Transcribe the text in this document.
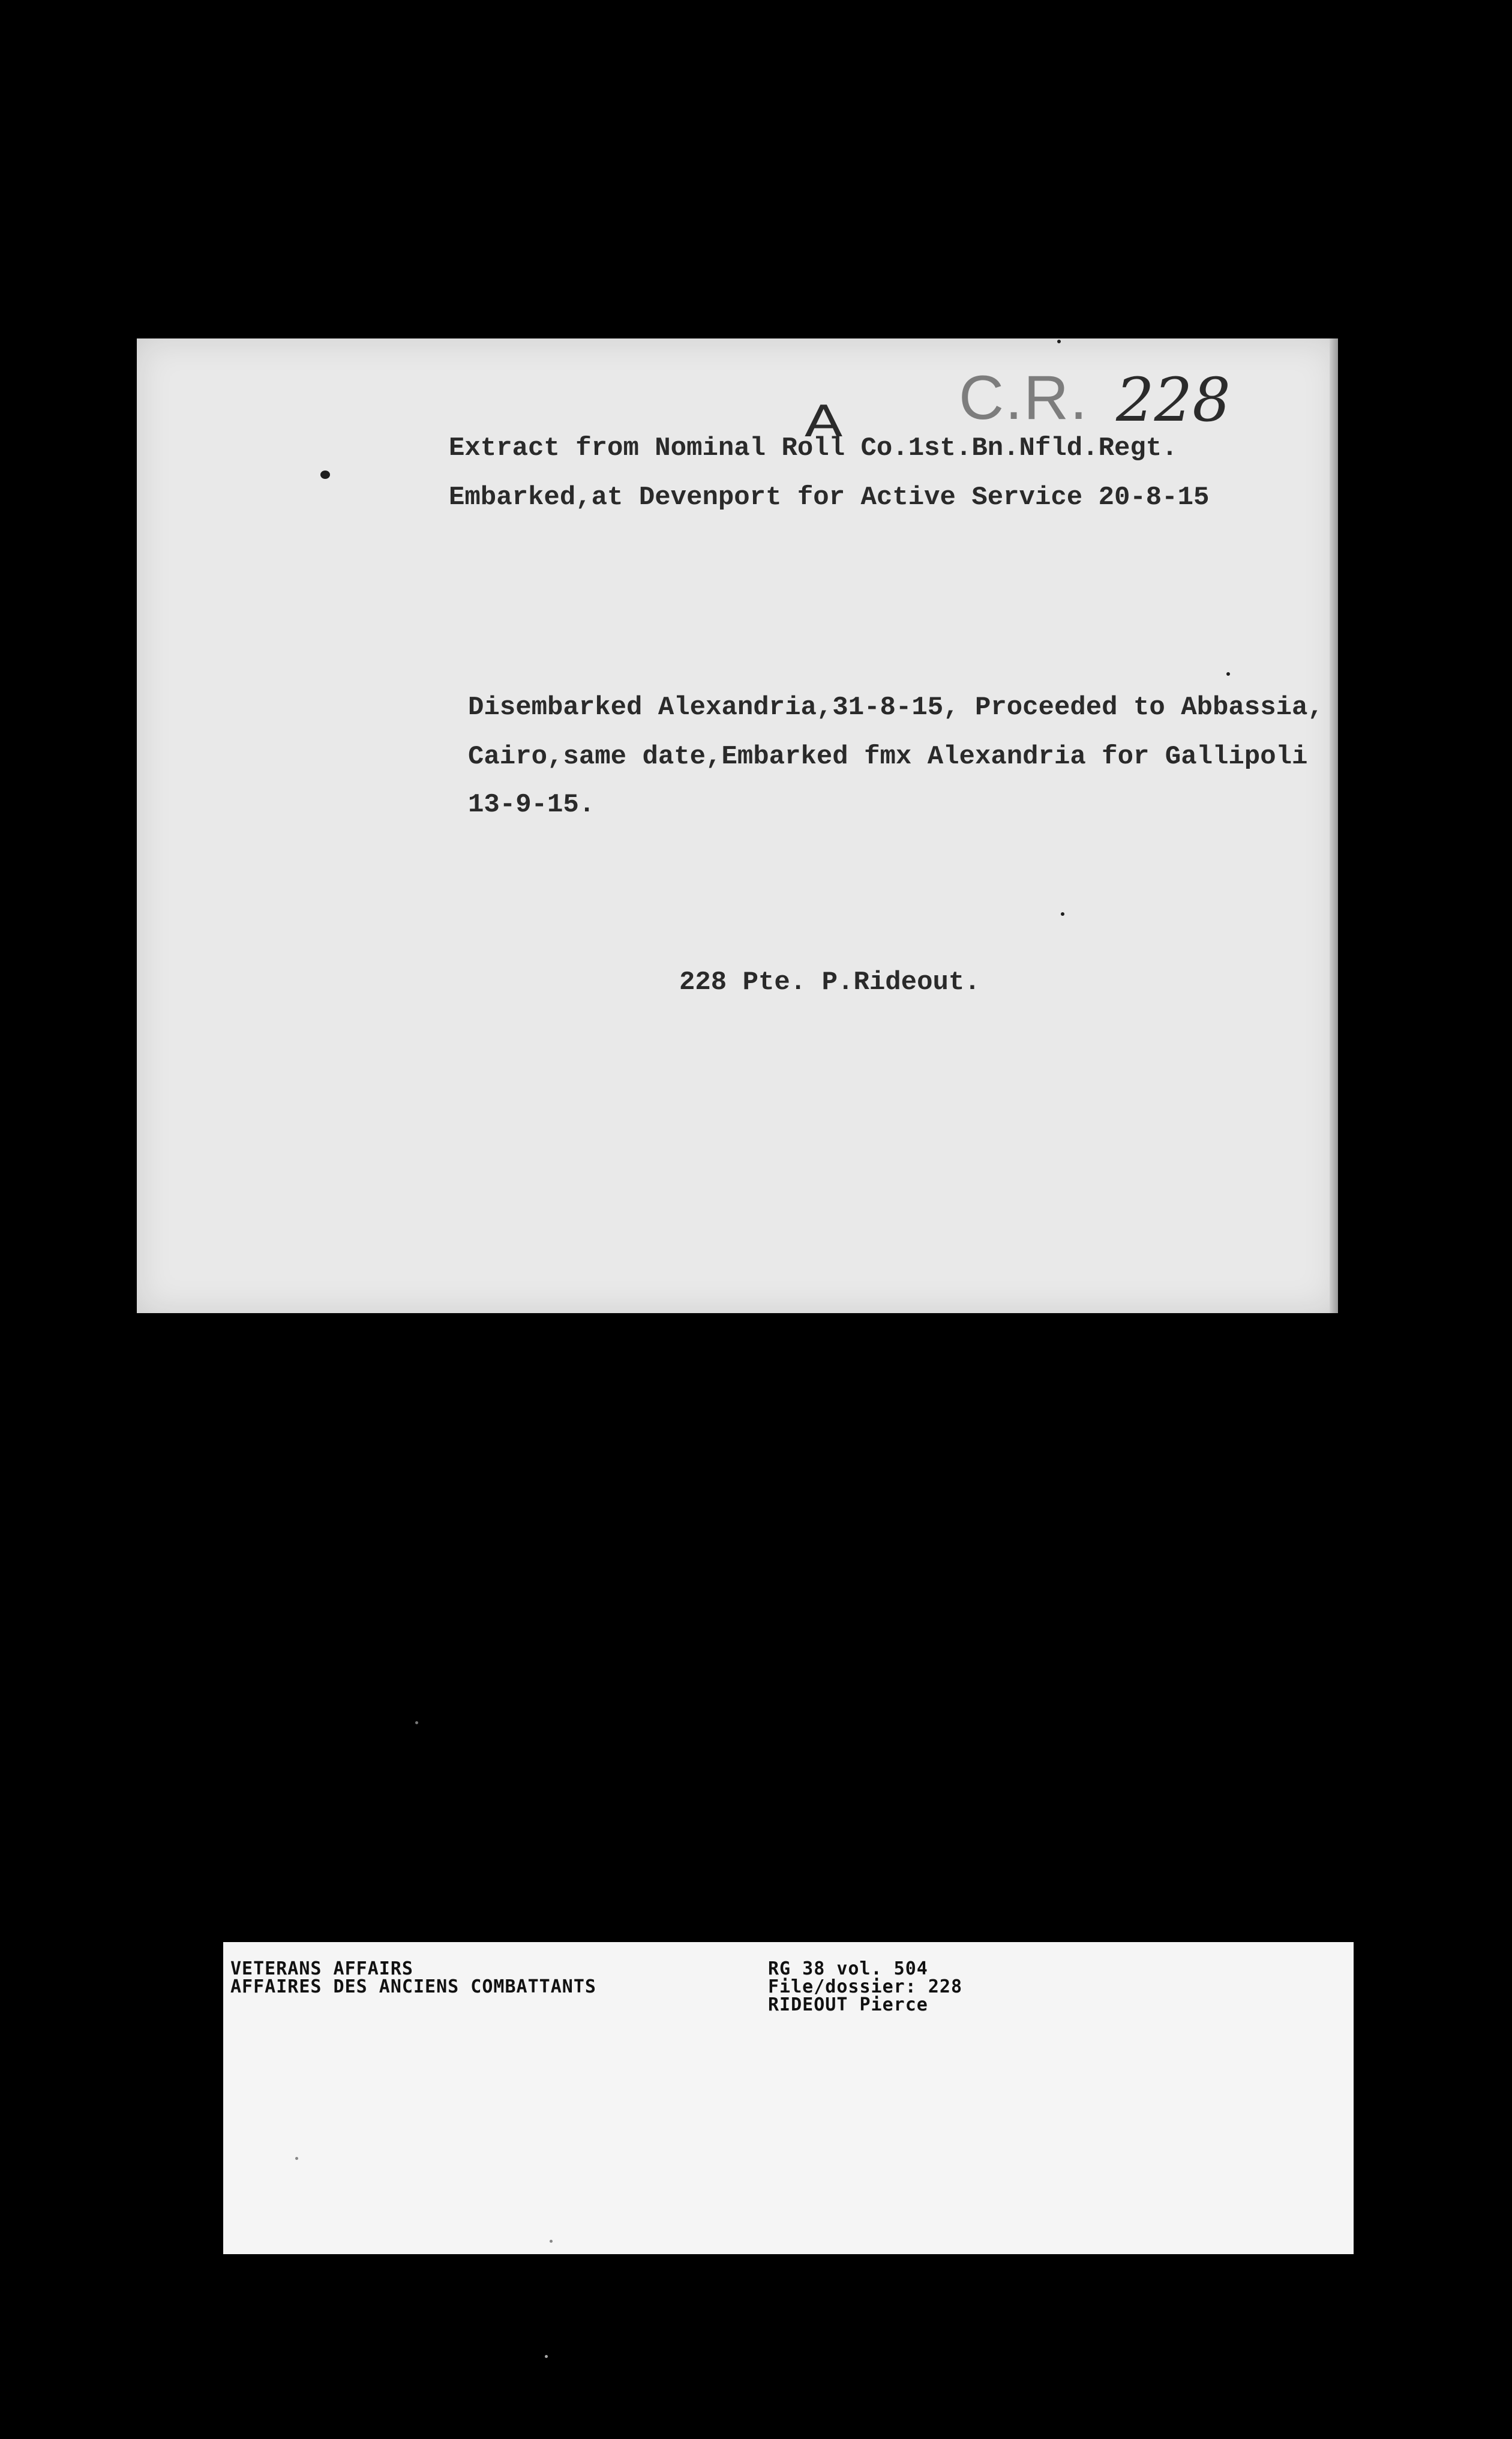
C.R. 228
A
Extract from Nominal Roll Co.1st.Bn.Nfld.Regt.
Embarked,at Devenport for Active Service 20-8-15
Disembarked Alexandria,31-8-15, Proceeded to Abbassia,
Cairo,same date,Embarked fmx Alexandria for Gallipoli
13-9-15.
228 Pte. P.Rideout.
VETERANS AFFAIRS
AFFAIRES DES ANCIENS COMBATTANTS
RG 38 vol. 504
File/dossier: 228
RIDEOUT Pierce
